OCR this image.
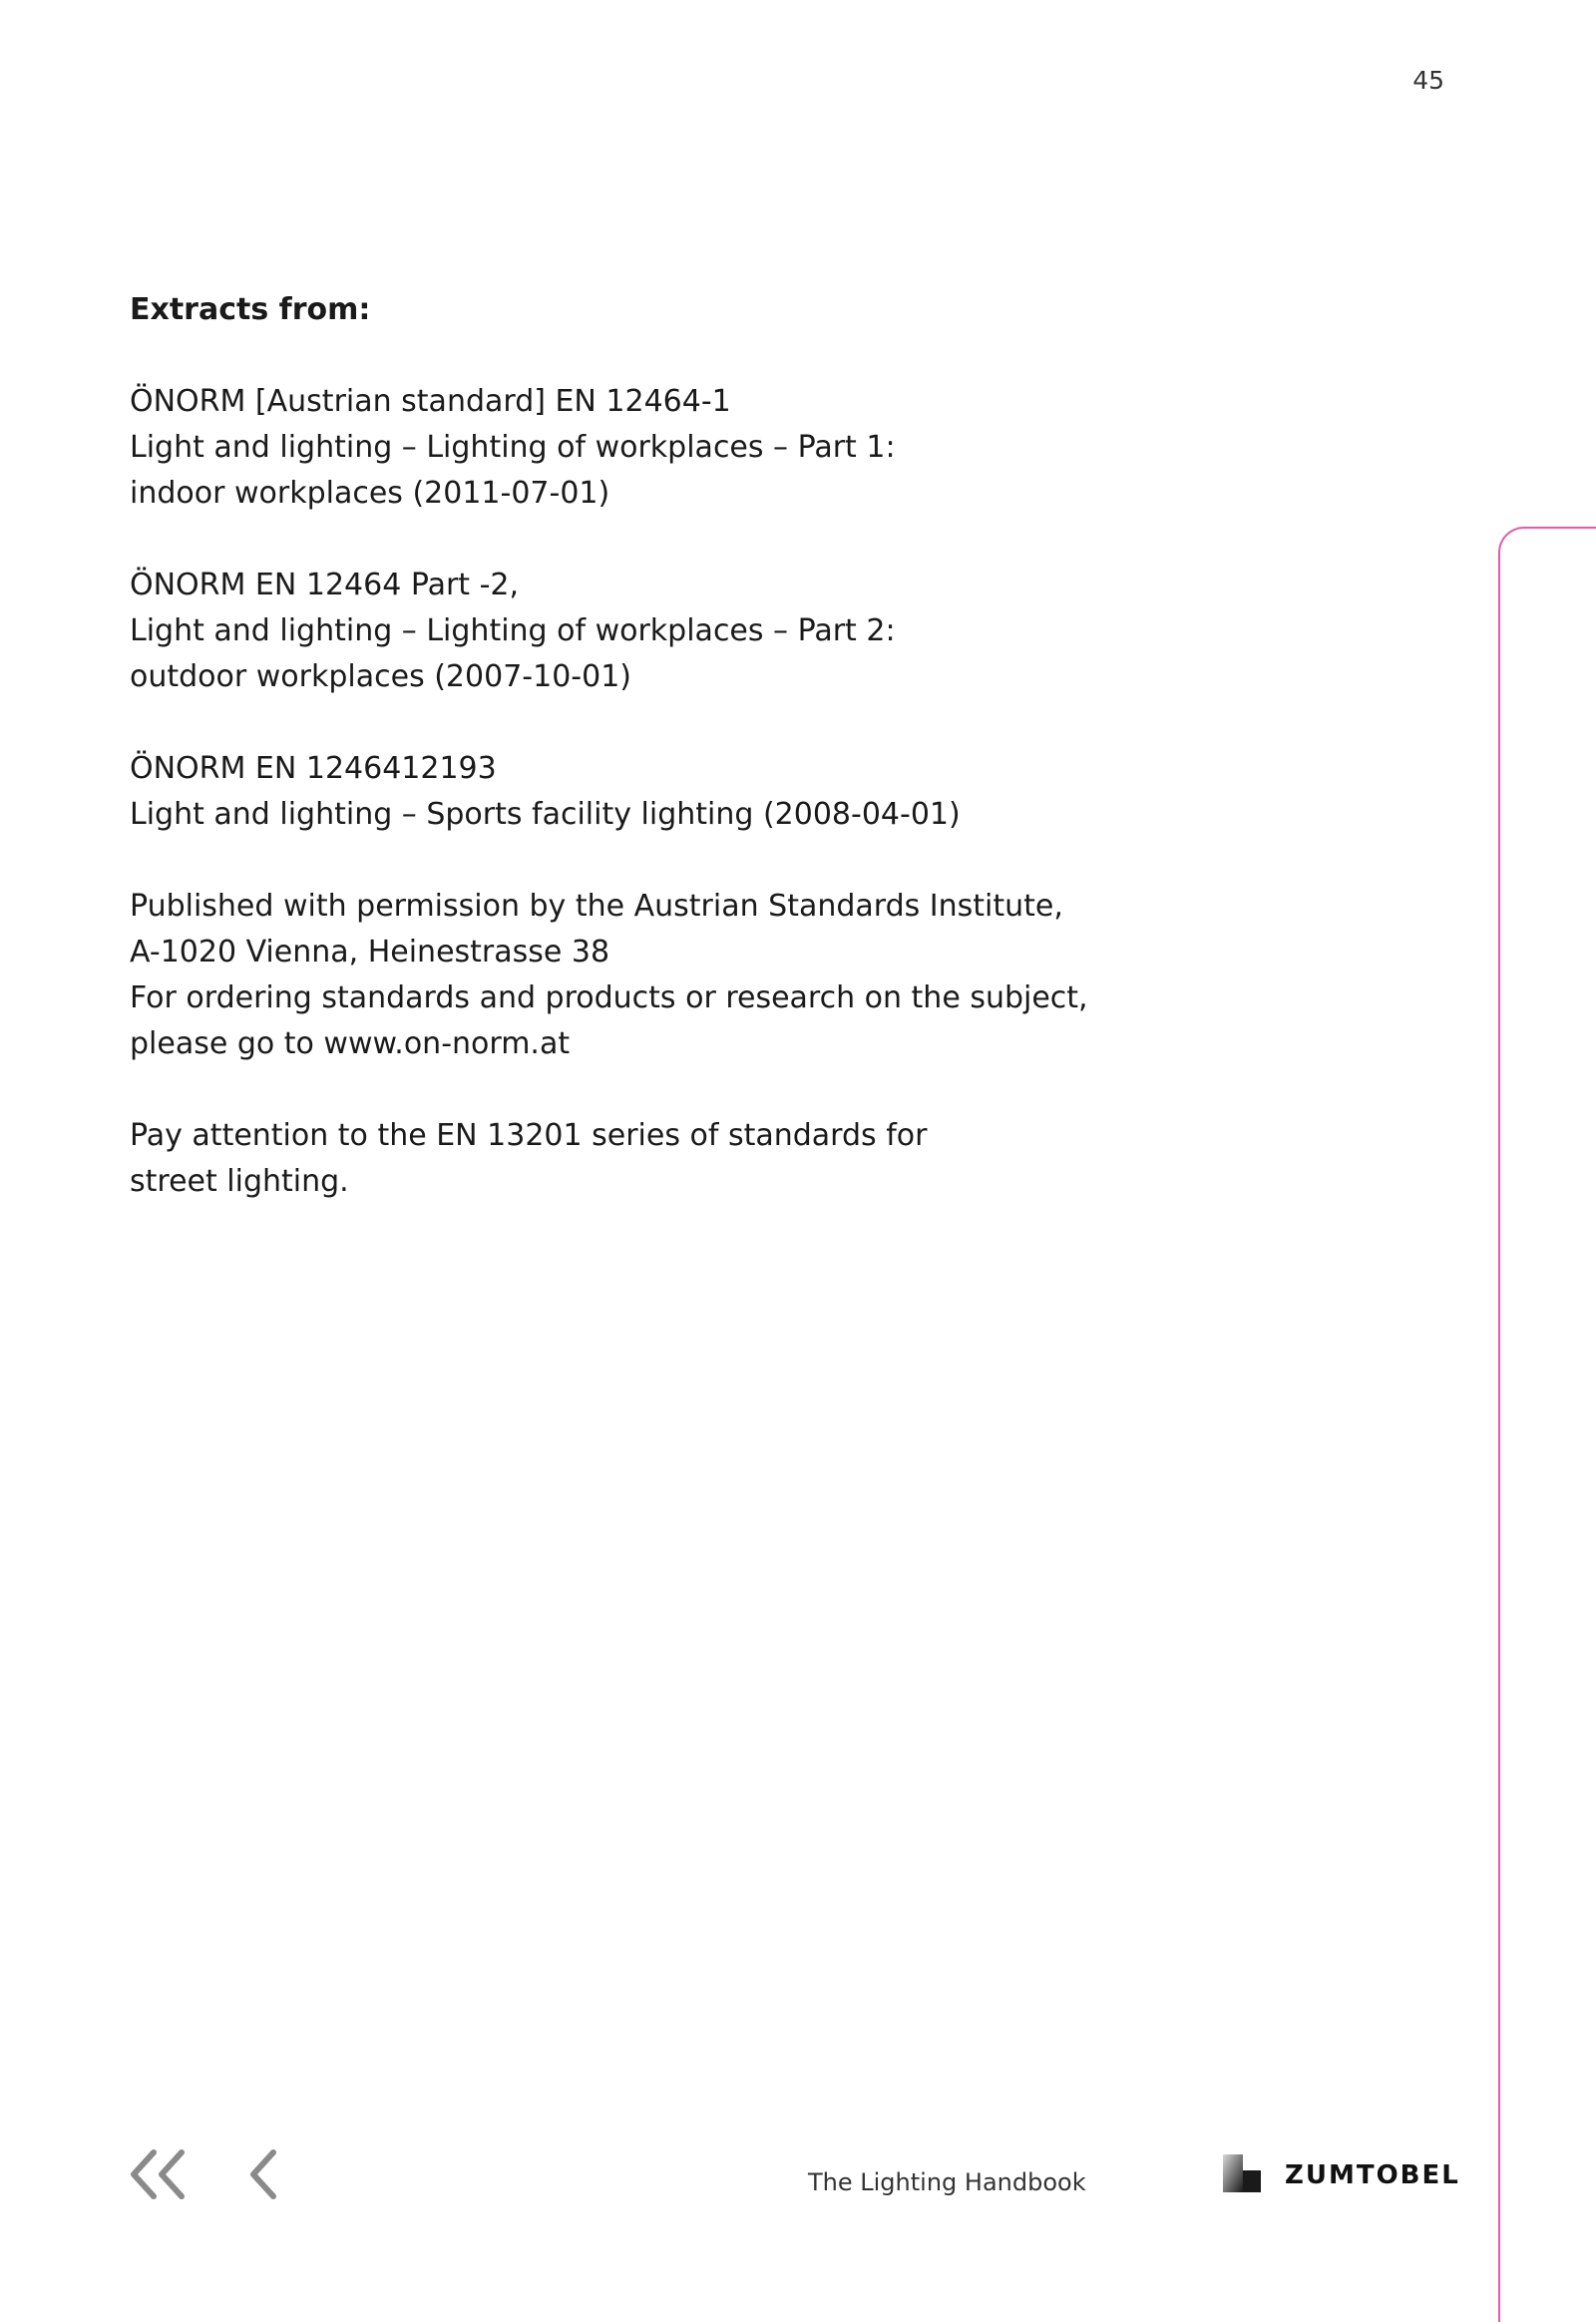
45
Extracts from:
ÖNORM [Austrian standard] EN 12464-1
Light and lighting – Lighting of workplaces – Part 1:
indoor workplaces (2011-07-01)
ÖNORM EN 12464 Part -2,
Light and lighting – Lighting of workplaces – Part 2:
outdoor workplaces (2007-10-01)
ÖNORM EN 1246412193
Light and lighting – Sports facility lighting (2008-04-01)
Published with permission by the Austrian Standards Institute,
A-1020 Vienna, Heinestrasse 38
For ordering standards and products or research on the subject,
please go to www.on-norm.at
Pay attention to the EN 13201 series of standards for
street lighting.
The Lighting Handbook	ZUMTOBEL
